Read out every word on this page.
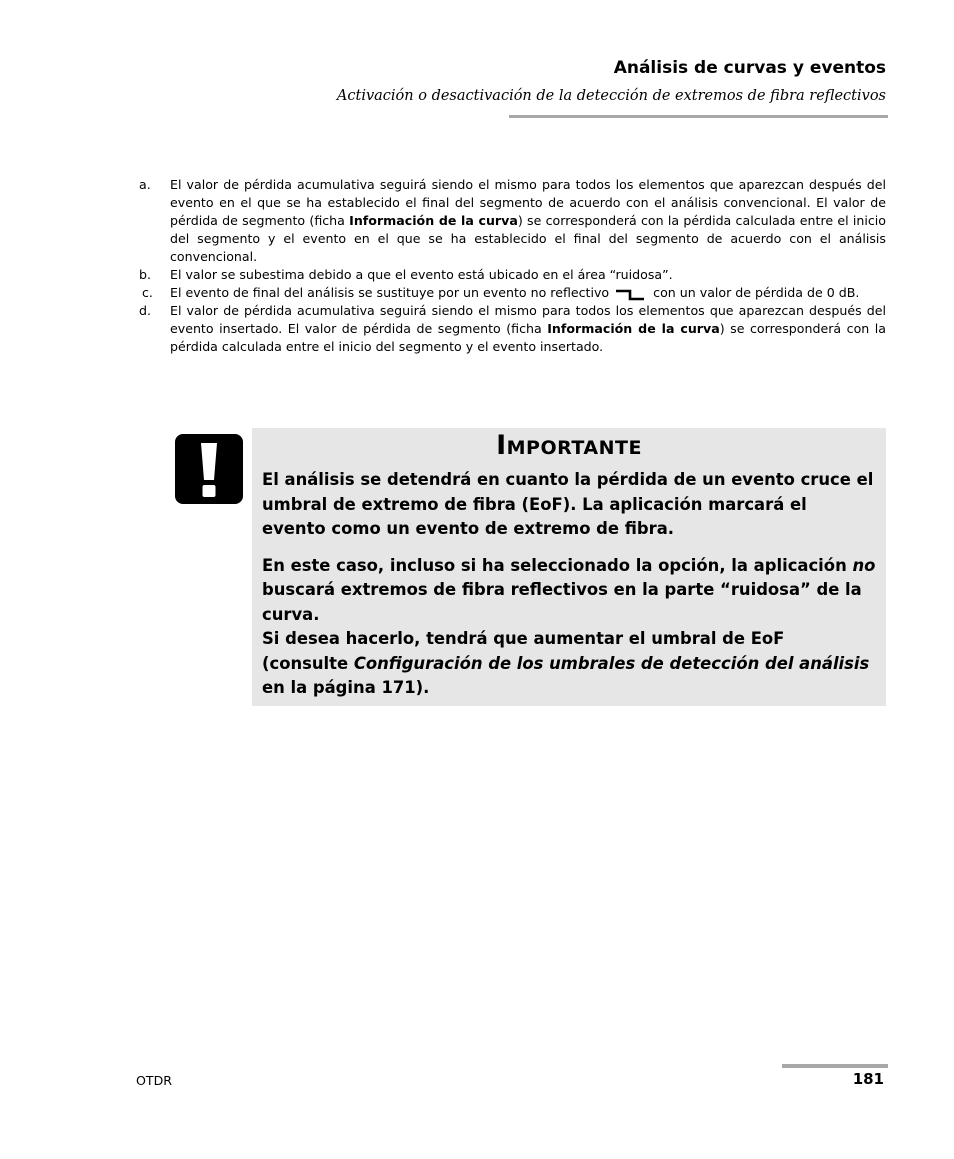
Análisis de curvas y eventos
Activación o desactivación de la detección de extremos de fibra reflectivos
a.	El valor de pérdida acumulativa seguirá siendo el mismo para todos los elementos que aparezcan después del evento en el que se ha establecido el final del segmento de acuerdo con el análisis convencional. El valor de pérdida de segmento (ficha Información de la curva) se corresponderá con la pérdida calculada entre el inicio del segmento y el evento en el que se ha establecido el final del segmento de acuerdo con el análisis convencional.
b.	El valor se subestima debido a que el evento está ubicado en el área “ruidosa”.
c.	El evento de final del análisis se sustituye por un evento no reflectivo	con un valor de pérdida de 0 dB.
d.	El valor de pérdida acumulativa seguirá siendo el mismo para todos los elementos que aparezcan después del evento insertado. El valor de pérdida de segmento (ficha Información de la curva) se corresponderá con la pérdida calculada entre el inicio del segmento y el evento insertado.
Importante

El análisis se detendrá en cuanto la pérdida de un evento cruce el umbral de extremo de fibra (EoF). La aplicación marcará el evento como un evento de extremo de fibra.

En este caso, incluso si ha seleccionado la opción, la aplicación no buscará extremos de fibra reflectivos en la parte “ruidosa” de la curva.

Si desea hacerlo, tendrá que aumentar el umbral de EoF (consulte Configuración de los umbrales de detección del análisis en la página 171).

OTDR	181
